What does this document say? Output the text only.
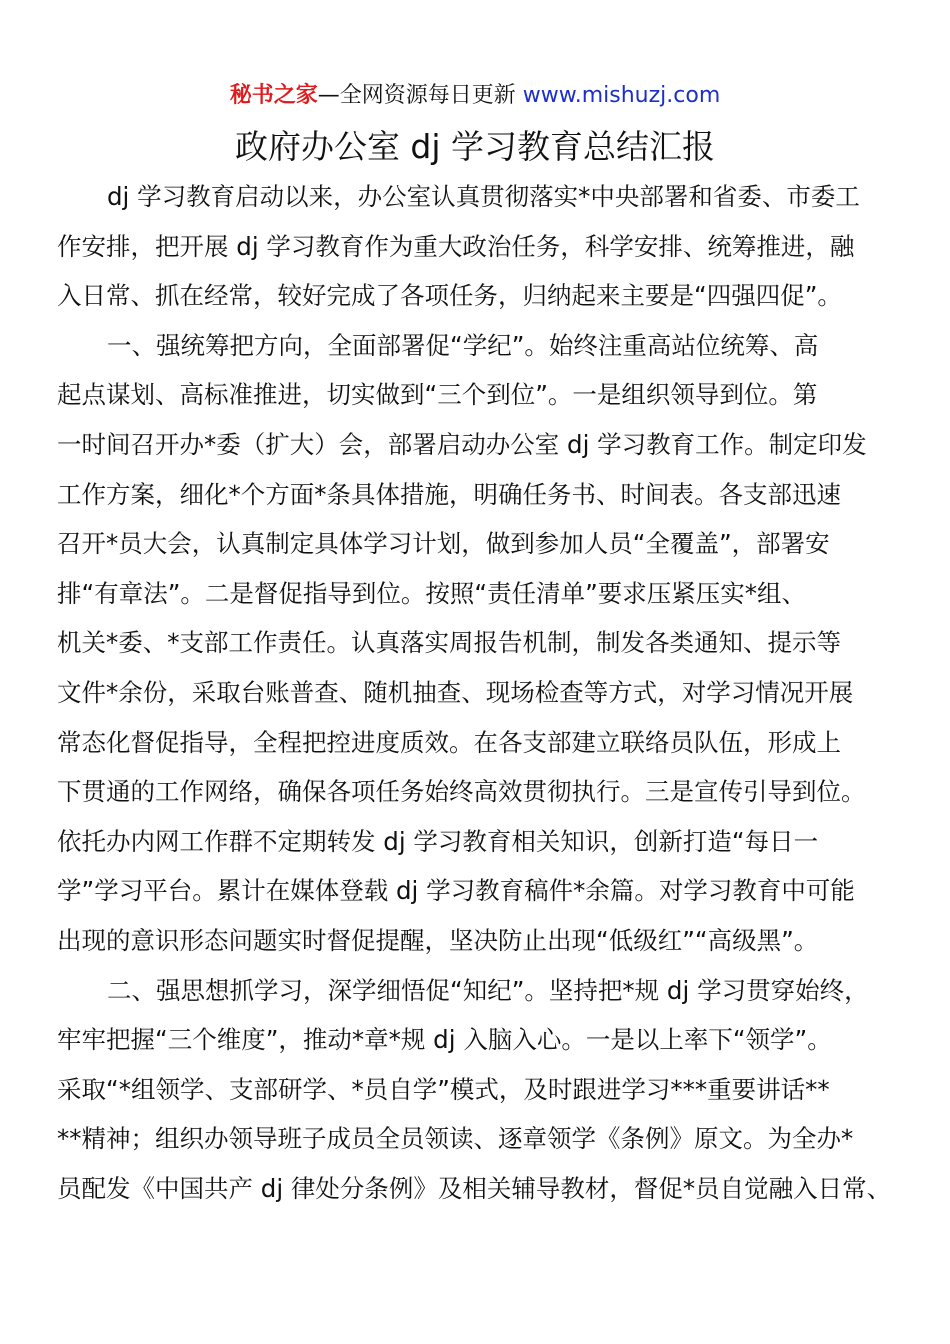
秘书之家—全网资源每日更新 www.mishuzj.com
政府办公室 dj 学习教育总结汇报
dj 学习教育启动以来，办公室认真贯彻落实*中央部署和省委、市委工
作安排，把开展 dj 学习教育作为重大政治任务，科学安排、统筹推进，融
入日常、抓在经常，较好完成了各项任务，归纳起来主要是“四强四促”。
一、强统筹把方向，全面部署促“学纪”。始终注重高站位统筹、高
起点谋划、高标准推进，切实做到“三个到位”。一是组织领导到位。第
一时间召开办*委（扩大）会，部署启动办公室 dj 学习教育工作。制定印发
工作方案，细化*个方面*条具体措施，明确任务书、时间表。各支部迅速
召开*员大会，认真制定具体学习计划，做到参加人员“全覆盖”，部署安
排“有章法”。二是督促指导到位。按照“责任清单”要求压紧压实*组、
机关*委、*支部工作责任。认真落实周报告机制，制发各类通知、提示等
文件*余份，采取台账普查、随机抽查、现场检查等方式，对学习情况开展
常态化督促指导，全程把控进度质效。在各支部建立联络员队伍，形成上
下贯通的工作网络，确保各项任务始终高效贯彻执行。三是宣传引导到位。
依托办内网工作群不定期转发 dj 学习教育相关知识，创新打造“每日一
学”学习平台。累计在媒体登载 dj 学习教育稿件*余篇。对学习教育中可能
出现的意识形态问题实时督促提醒，坚决防止出现“低级红”“高级黑”。
二、强思想抓学习，深学细悟促“知纪”。坚持把*规 dj 学习贯穿始终，
牢牢把握“三个维度”，推动*章*规 dj 入脑入心。一是以上率下“领学”。
采取“*组领学、支部研学、*员自学”模式，及时跟进学习***重要讲话**
**精神；组织办领导班子成员全员领读、逐章领学《条例》原文。为全办*
员配发《中国共产 dj 律处分条例》及相关辅导教材，督促*员自觉融入日常、
